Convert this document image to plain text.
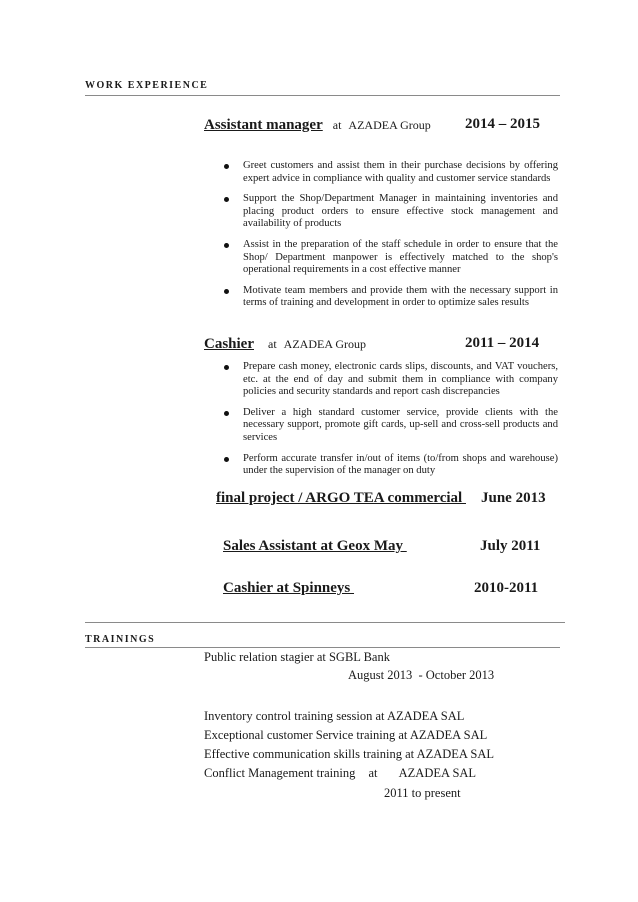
WORK EXPERIENCE
Assistant manager at AZADEA Group	2014 – 2015
Greet customers and assist them in their purchase decisions by offering expert advice in compliance with quality and customer service standards
Support the Shop/Department Manager in maintaining inventories and placing product orders to ensure effective stock management and availability of products
Assist in the preparation of the staff schedule in order to ensure that the Shop/ Department manpower is effectively matched to the shop's operational requirements in a cost effective manner
Motivate team members and provide them with the necessary support in terms of training and development in order to optimize sales results
Cashier at AZADEA Group	2011 – 2014
Prepare cash money, electronic cards slips, discounts, and VAT vouchers, etc. at the end of day and submit them in compliance with company policies and security standards and report cash discrepancies
Deliver a high standard customer service, provide clients with the necessary support, promote gift cards, up-sell and cross-sell products and services
Perform accurate transfer in/out of items (to/from shops and warehouse) under the supervision of the manager on duty
final project / ARGO TEA commercial June 2013
Sales Assistant at Geox May	July 2011
Cashier at Spinneys	2010-2011
TRAININGS
Public relation stagier at SGBL Bank
August 2013  - October 2013
Inventory control training session at AZADEA SAL
Exceptional customer Service training at AZADEA SAL
Effective communication skills training at AZADEA SAL
Conflict Management training at AZADEA SAL
2011 to present
